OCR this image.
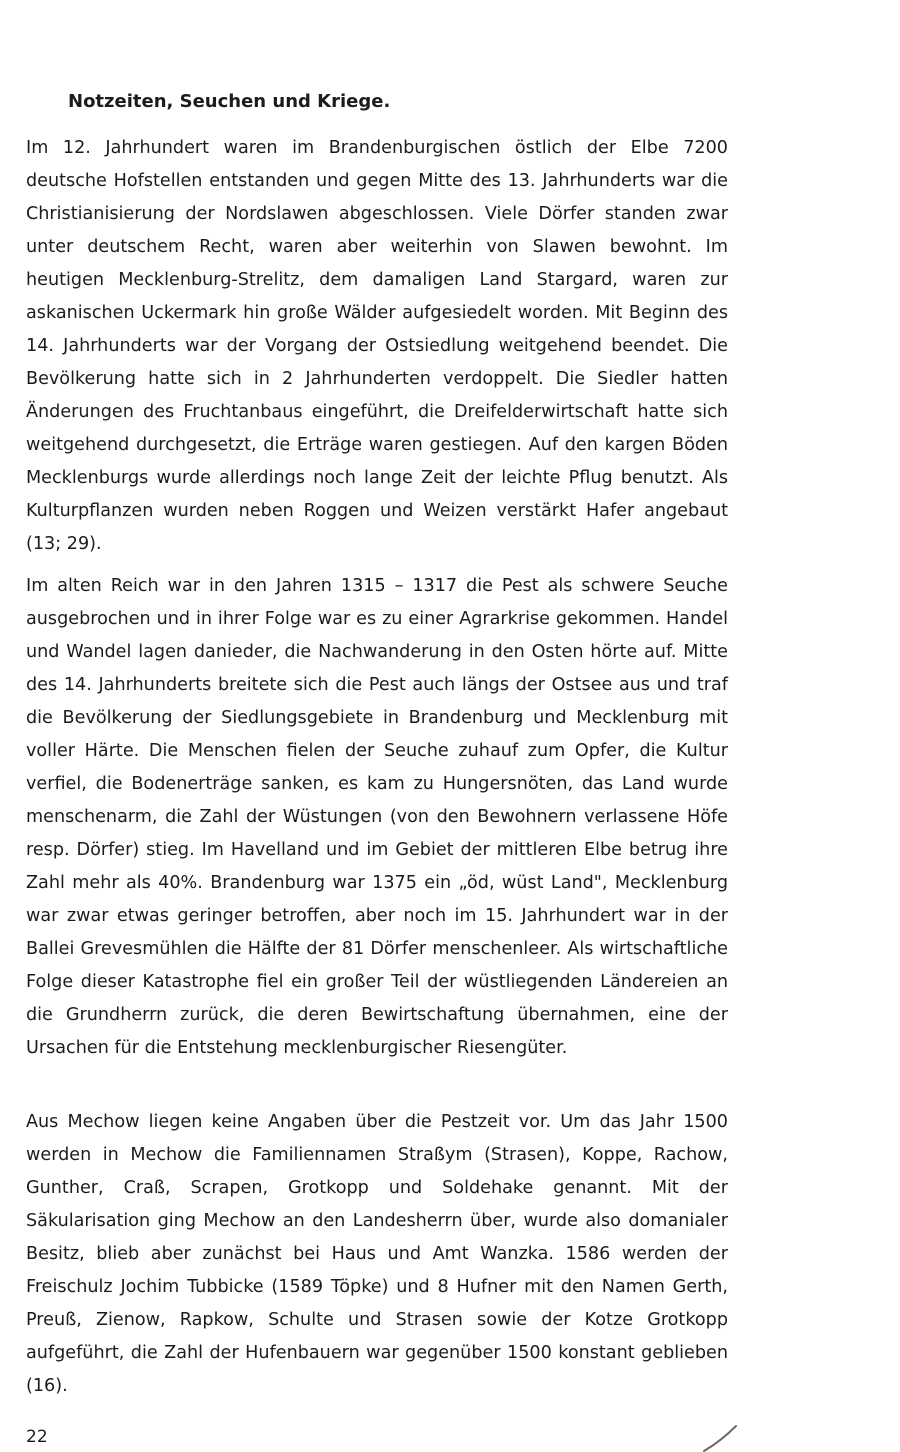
Notzeiten, Seuchen und Kriege.

Im 12. Jahrhundert waren im Brandenburgischen östlich der Elbe 7200 deutsche Hofstellen entstanden und gegen Mitte des 13. Jahrhunderts war die Christianisierung der Nordslawen abgeschlossen. Viele Dörfer standen zwar unter deutschem Recht, waren aber weiterhin von Slawen bewohnt. Im heutigen Mecklenburg-Strelitz, dem damaligen Land Stargard, waren zur askanischen Uckermark hin große Wälder aufgesiedelt worden. Mit Beginn des 14. Jahrhunderts war der Vorgang der Ostsiedlung weitgehend beendet. Die Bevölkerung hatte sich in 2 Jahrhunderten verdoppelt. Die Siedler hatten Änderungen des Fruchtanbaus eingeführt, die Dreifelderwirtschaft hatte sich weitgehend durchgesetzt, die Erträge waren gestiegen. Auf den kargen Böden Mecklenburgs wurde allerdings noch lange Zeit der leichte Pflug benutzt. Als Kulturpflanzen wurden neben Roggen und Weizen verstärkt Hafer angebaut (13; 29).

Im alten Reich war in den Jahren 1315 – 1317 die Pest als schwere Seuche ausgebrochen und in ihrer Folge war es zu einer Agrarkrise gekommen. Handel und Wandel lagen danieder, die Nachwanderung in den Osten hörte auf. Mitte des 14. Jahrhunderts breitete sich die Pest auch längs der Ostsee aus und traf die Bevölkerung der Siedlungsgebiete in Brandenburg und Mecklenburg mit voller Härte. Die Menschen fielen der Seuche zuhauf zum Opfer, die Kultur verfiel, die Bodenerträge sanken, es kam zu Hungersnöten, das Land wurde menschenarm, die Zahl der Wüstungen (von den Bewohnern verlassene Höfe resp. Dörfer) stieg. Im Havelland und im Gebiet der mittleren Elbe betrug ihre Zahl mehr als 40%. Brandenburg war 1375 ein „öd, wüst Land", Mecklenburg war zwar etwas geringer betroffen, aber noch im 15. Jahrhundert war in der Ballei Grevesmühlen die Hälfte der 81 Dörfer menschenleer. Als wirtschaftliche Folge dieser Katastrophe fiel ein großer Teil der wüstliegenden Ländereien an die Grundherrn zurück, die deren Bewirtschaftung übernahmen, eine der Ursachen für die Entstehung mecklenburgischer Riesengüter.

Aus Mechow liegen keine Angaben über die Pestzeit vor. Um das Jahr 1500 werden in Mechow die Familiennamen Straßym (Strasen), Koppe, Rachow, Gunther, Craß, Scrapen, Grotkopp und Soldehake genannt. Mit der Säkularisation ging Mechow an den Landesherrn über, wurde also domanialer Besitz, blieb aber zunächst bei Haus und Amt Wanzka. 1586 werden der Freischulz Jochim Tubbicke (1589 Töpke) und 8 Hufner mit den Namen Gerth, Preuß, Zienow, Rapkow, Schulte und Strasen sowie der Kotze Grotkopp aufgeführt, die Zahl der Hufenbauern war gegenüber 1500 konstant geblieben (16).

22
